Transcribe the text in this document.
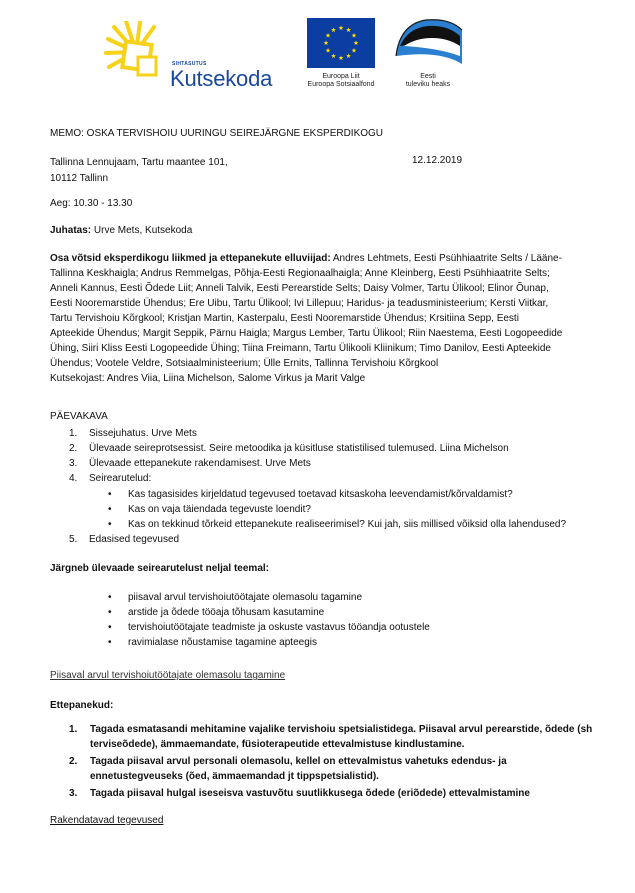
SIHTASUTUS
Kutsekoda	Euroopa Liit
Euroopa Sotsiaalfond
Eesti
tuleviku heaks
MEMO: OSKA TERVISHOIU UURINGU SEIREJÄRGNE EKSPERDIKOGU
Tallinna Lennujaam, Tartu maantee 101,
10112 Tallinn
12.12.2019
Aeg: 10.30 - 13.30
Juhatas: Urve Mets, Kutsekoda
Osa võtsid eksperdikogu liikmed ja ettepanekute elluviijad: Andres Lehtmets, Eesti Psühhiaatrite Selts / Lääne-
Tallinna Keskhaigla; Andrus Remmelgas, Põhja-Eesti Regionaalhaigla; Anne Kleinberg, Eesti Psühhiaatrite Selts;
Anneli Kannus, Eesti Õdede Liit; Anneli Talvik, Eesti Perearstide Selts; Daisy Volmer, Tartu Ülikool; Elinor Õunap,
Eesti Nooremarstide Ühendus; Ere Uibu, Tartu Ülikool; Ivi Lillepuu; Haridus- ja teadusministeerium; Kersti Viitkar,
Tartu Tervishoiu Kõrgkool; Kristjan Martin, Kasterpalu, Eesti Nooremarstide Ühendus; Krsitiina Sepp, Eesti
Apteekide Ühendus; Margit Seppik, Pärnu Haigla; Margus Lember, Tartu Ülikool; Riin Naestema, Eesti Logopeedide
Ühing, Siiri Kliss Eesti Logopeedide Ühing; Tiina Freimann, Tartu Ülikooli Kliinikum; Timo Danilov, Eesti Apteekide
Ühendus; Vootele Veldre, Sotsiaalministeerium; Ülle Ernits, Tallinna Tervishoiu Kõrgkool
Kutsekojast: Andres Viia, Liina Michelson, Salome Virkus ja Marit Valge
PÄEVAKAVA
1. Sissejuhatus. Urve Mets
2. Ülevaade seireprotsessist. Seire metoodika ja küsitluse statistilised tulemused. Liina Michelson
3. Ülevaade ettepanekute rakendamisest. Urve Mets
4. Seirearutelud:
• Kas tagasisides kirjeldatud tegevused toetavad kitsaskoha leevendamist/kõrvaldamist?
• Kas on vaja täiendada tegevuste loendit?
• Kas on tekkinud tõrkeid ettepanekute realiseerimisel? Kui jah, siis millised võiksid olla lahendused?
5. Edasised tegevused
Järgneb ülevaade seirearutelust neljal teemal:
• piisaval arvul tervishoiutöötajate olemasolu tagamine
• arstide ja õdede tööaja tõhusam kasutamine
• tervishoiutöötajate teadmiste ja oskuste vastavus tööandja ootustele
• ravimialase nõustamise tagamine apteegis
Piisaval arvul tervishoiutöötajate olemasolu tagamine
Ettepanekud:
1. Tagada esmatasandi mehitamine vajalike tervishoiu spetsialistidega. Piisaval arvul perearstide, õdede (sh
terviseõdede), ämmaemandate, füsioterapeutide ettevalmistuse kindlustamine.
2. Tagada piisaval arvul personali olemasolu, kellel on ettevalmistus vahetuks edendus- ja
ennetustegveuseks (õed, ämmaemandad jt tippspetsialistid).
3. Tagada piisaval hulgal iseseisva vastuvõtu suutlikkusega õdede (eriõdede) ettevalmistamine
Rakendatavad tegevused
